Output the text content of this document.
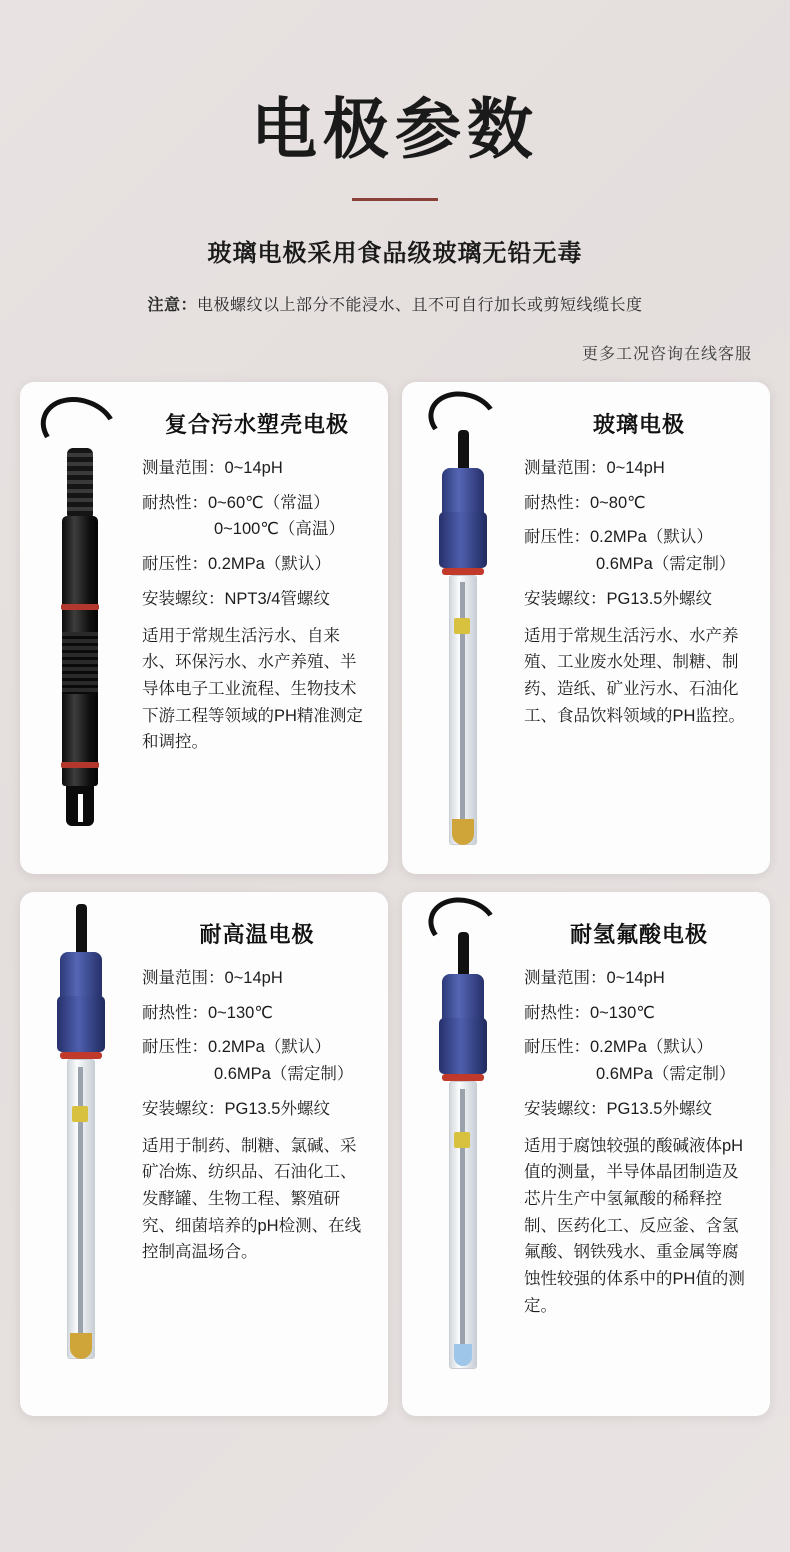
电极参数
玻璃电极采用食品级玻璃无铅无毒
注意：电极螺纹以上部分不能浸水、且不可自行加长或剪短线缆长度
更多工况咨询在线客服
复合污水塑壳电极
测量范围：0~14pH
耐热性：0~60℃（常温）
0~100℃（高温）
耐压性：0.2MPa（默认）
安装螺纹：NPT3/4管螺纹
适用于常规生活污水、自来水、环保污水、水产养殖、半导体电子工业流程、生物技术下游工程等领域的PH精准测定和调控。
玻璃电极
测量范围：0~14pH
耐热性：0~80℃
耐压性：0.2MPa（默认）
0.6MPa（需定制）
安装螺纹：PG13.5外螺纹
适用于常规生活污水、水产养殖、工业废水处理、制糖、制药、造纸、矿业污水、石油化工、食品饮料领域的PH监控。
耐高温电极
测量范围：0~14pH
耐热性：0~130℃
耐压性：0.2MPa（默认）
0.6MPa（需定制）
安装螺纹：PG13.5外螺纹
适用于制药、制糖、氯碱、采矿冶炼、纺织品、石油化工、发酵罐、生物工程、繁殖研究、细菌培养的pH检测、在线控制高温场合。
耐氢氟酸电极
测量范围：0~14pH
耐热性：0~130℃
耐压性：0.2MPa（默认）
0.6MPa（需定制）
安装螺纹：PG13.5外螺纹
适用于腐蚀较强的酸碱液体pH值的测量，半导体晶团制造及芯片生产中氢氟酸的稀释控制、医药化工、反应釜、含氢氟酸、钢铁残水、重金属等腐蚀性较强的体系中的PH值的测定。
